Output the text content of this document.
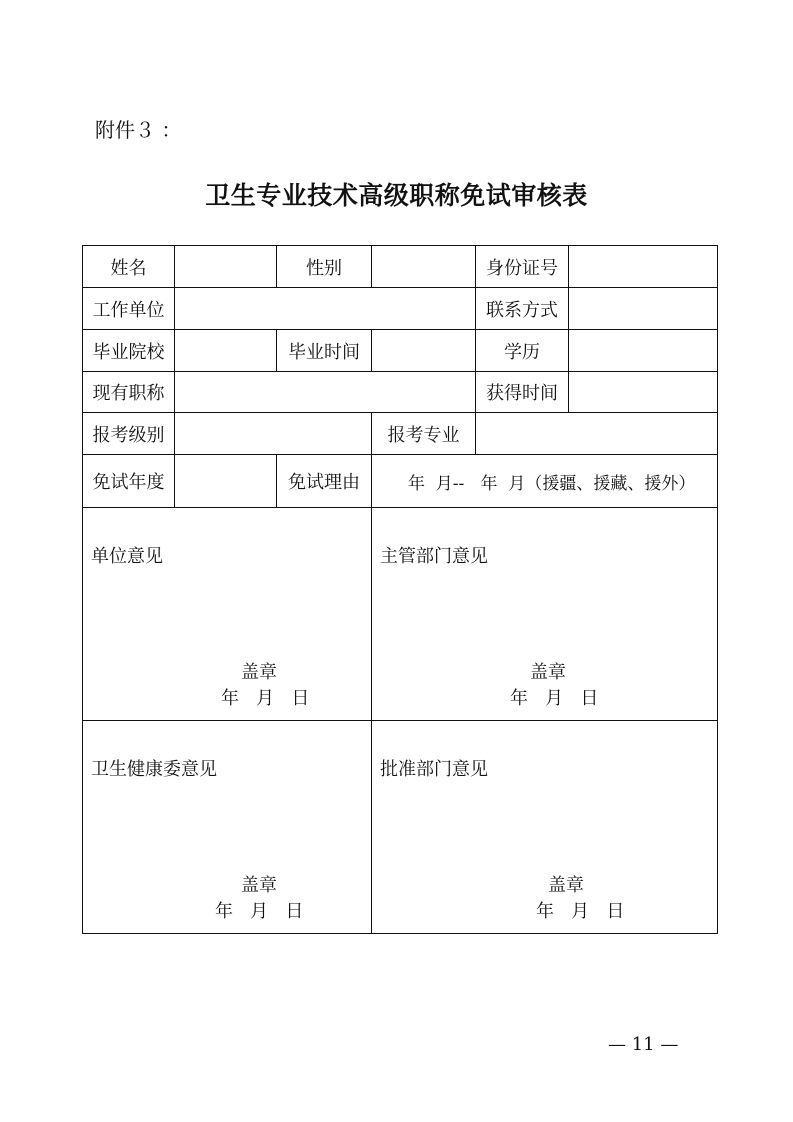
附件３ ：
卫生专业技术高级职称免试审核表
姓名	性别	身份证号
工作单位	联系方式
毕业院校	毕业时间	学历
现有职称	获得时间
报考级别	报考专业
免试年度	免试理由	年  月--   年  月（援疆、援藏、援外）
单位意见
盖章
年   月   日
主管部门意见
盖章
年   月   日
卫生健康委意见
盖章
年   月   日
批准部门意见
盖章
年   月   日
— 11 —
